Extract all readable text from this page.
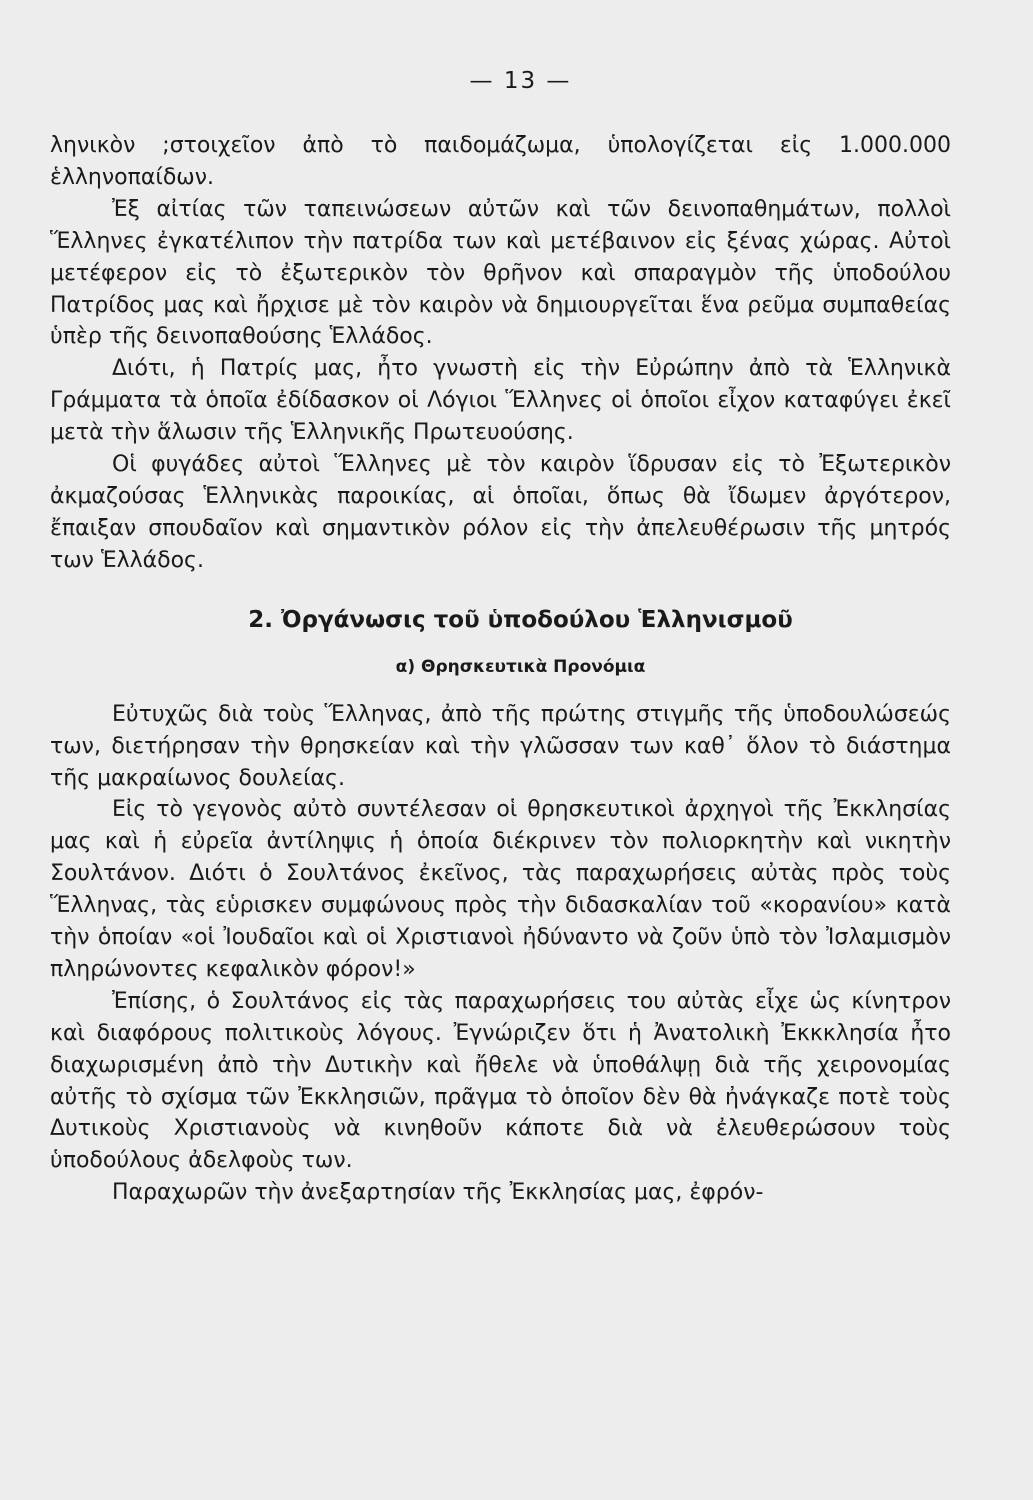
— 13 —

ληνικὸν ;στοιχεῖον ἀπὸ τὸ παιδομάζωμα, ὑπολογίζεται εἰς 1.000.000 ἑλληνοπαίδων.

Ἐξ αἰτίας τῶν ταπεινώσεων αὐτῶν καὶ τῶν δεινοπαθημάτων, πολλοὶ Ἕλληνες ἐγκατέλιπον τὴν πατρίδα των καὶ μετέβαινον εἰς ξένας χώρας. Αὐτοὶ μετέφερον εἰς τὸ ἐξωτερικὸν τὸν θρῆνον καὶ σπαραγμὸν τῆς ὑποδούλου Πατρίδος μας καὶ ἤρχισε μὲ τὸν καιρὸν νὰ δημιουργεῖται ἕνα ρεῦμα συμπαθείας ὑπὲρ τῆς δεινοπαθούσης Ἑλλάδος.

Διότι, ἡ Πατρίς μας, ἦτο γνωστὴ εἰς τὴν Εὐρώπην ἀπὸ τὰ Ἑλληνικὰ Γράμματα τὰ ὁποῖα ἐδίδασκον οἱ Λόγιοι Ἕλληνες οἱ ὁποῖοι εἶχον καταφύγει ἐκεῖ μετὰ τὴν ἅλωσιν τῆς Ἑλληνικῆς Πρωτευούσης.

Οἱ φυγάδες αὐτοὶ Ἕλληνες μὲ τὸν καιρὸν ἵδρυσαν εἰς τὸ Ἐξωτερικὸν ἀκμαζούσας Ἑλληνικὰς παροικίας, αἱ ὁποῖαι, ὅπως θὰ ἴδωμεν ἀργότερον, ἔπαιξαν σπουδαῖον καὶ σημαντικὸν ρόλον εἰς τὴν ἀπελευθέρωσιν τῆς μητρός των Ἑλλάδος.

2. Ὀργάνωσις τοῦ ὑποδούλου Ἑλληνισμοῦ
α) Θρησκευτικὰ Προνόμια

Εὐτυχῶς διὰ τοὺς Ἕλληνας, ἀπὸ τῆς πρώτης στιγμῆς τῆς ὑποδουλώσεώς των, διετήρησαν τὴν θρησκείαν καὶ τὴν γλῶσσαν των καθ᾽ ὅλον τὸ διάστημα τῆς μακραίωνος δουλείας.

Εἰς τὸ γεγονὸς αὐτὸ συντέλεσαν οἱ θρησκευτικοὶ ἀρχηγοὶ τῆς Ἐκκλησίας μας καὶ ἡ εὐρεῖα ἀντίληψις ἡ ὁποία διέκρινεν τὸν πολιορκητὴν καὶ νικητὴν Σουλτάνον. Διότι ὁ Σουλτάνος ἐκεῖνος, τὰς παραχωρήσεις αὐτὰς πρὸς τοὺς Ἕλληνας, τὰς εὑρισκεν συμφώνους πρὸς τὴν διδασκαλίαν τοῦ «κορανίου» κατὰ τὴν ὁποίαν «οἱ Ἰουδαῖοι καὶ οἱ Χριστιανοὶ ἠδύναντο νὰ ζοῦν ὑπὸ τὸν Ἰσλαμισμὸν πληρώνοντες κεφαλικὸν φόρον!»

Ἐπίσης, ὁ Σουλτάνος εἰς τὰς παραχωρήσεις του αὐτὰς εἶχε ὡς κίνητρον καὶ διαφόρους πολιτικοὺς λόγους. Ἐγνώριζεν ὅτι ἡ Ἀνατολικὴ Ἐκκκλησία ἦτο διαχωρισμένη ἀπὸ τὴν Δυτικὴν καὶ ἤθελε νὰ ὑποθάλψῃ διὰ τῆς χειρονομίας αὐτῆς τὸ σχίσμα τῶν Ἐκκλησιῶν, πρᾶγμα τὸ ὁποῖον δὲν θὰ ἠνάγκαζε ποτὲ τοὺς Δυτικοὺς Χριστιανοὺς νὰ κινηθοῦν κάποτε διὰ νὰ ἐλευθερώσουν τοὺς ὑποδούλους ἀδελφοὺς των.

Παραχωρῶν τὴν ἀνεξαρτησίαν τῆς Ἐκκλησίας μας, ἐφρόν-
